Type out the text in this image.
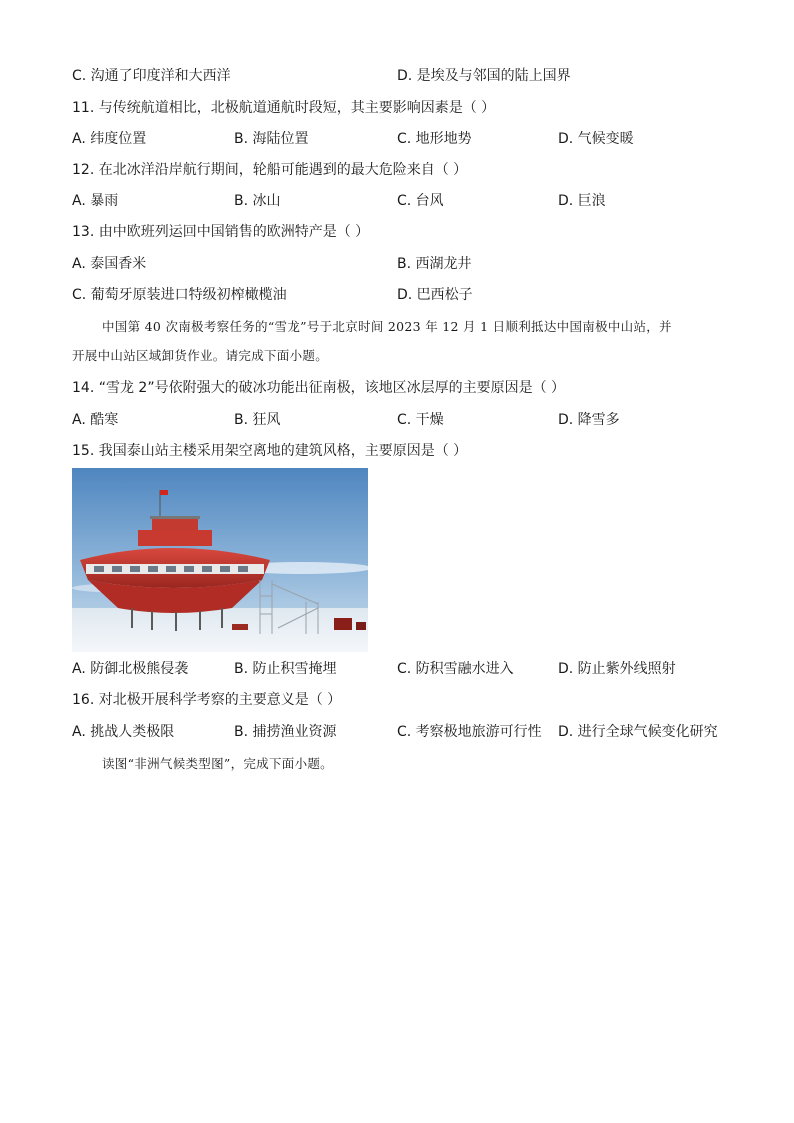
C. 沟通了印度洋和大西洋	D. 是埃及与邻国的陆上国界
11. 与传统航道相比，北极航道通航时段短，其主要影响因素是（ ）
A. 纬度位置	B. 海陆位置	C. 地形地势	D. 气候变暖
12. 在北冰洋沿岸航行期间，轮船可能遇到的最大危险来自（ ）
A. 暴雨	B. 冰山	C. 台风	D. 巨浪
13. 由中欧班列运回中国销售的欧洲特产是（ ）
A. 泰国香米	B. 西湖龙井
C. 葡萄牙原装进口特级初榨橄榄油	D. 巴西松子
中国第 40 次南极考察任务的“雪龙”号于北京时间 2023 年 12 月 1 日顺利抵达中国南极中山站，并
开展中山站区域卸货作业。请完成下面小题。
14. “雪龙 2”号依附强大的破冰功能出征南极，该地区冰层厚的主要原因是（ ）
A. 酷寒	B. 狂风	C. 干燥	D. 降雪多
15. 我国泰山站主楼采用架空离地的建筑风格，主要原因是（ ）
A. 防御北极熊侵袭	B. 防止积雪掩埋	C. 防积雪融水进入	D. 防止紫外线照射
16. 对北极开展科学考察的主要意义是（ ）
A. 挑战人类极限	B. 捕捞渔业资源	C. 考察极地旅游可行性 D. 进行全球气候变化研究
读图“非洲气候类型图”，完成下面小题。
